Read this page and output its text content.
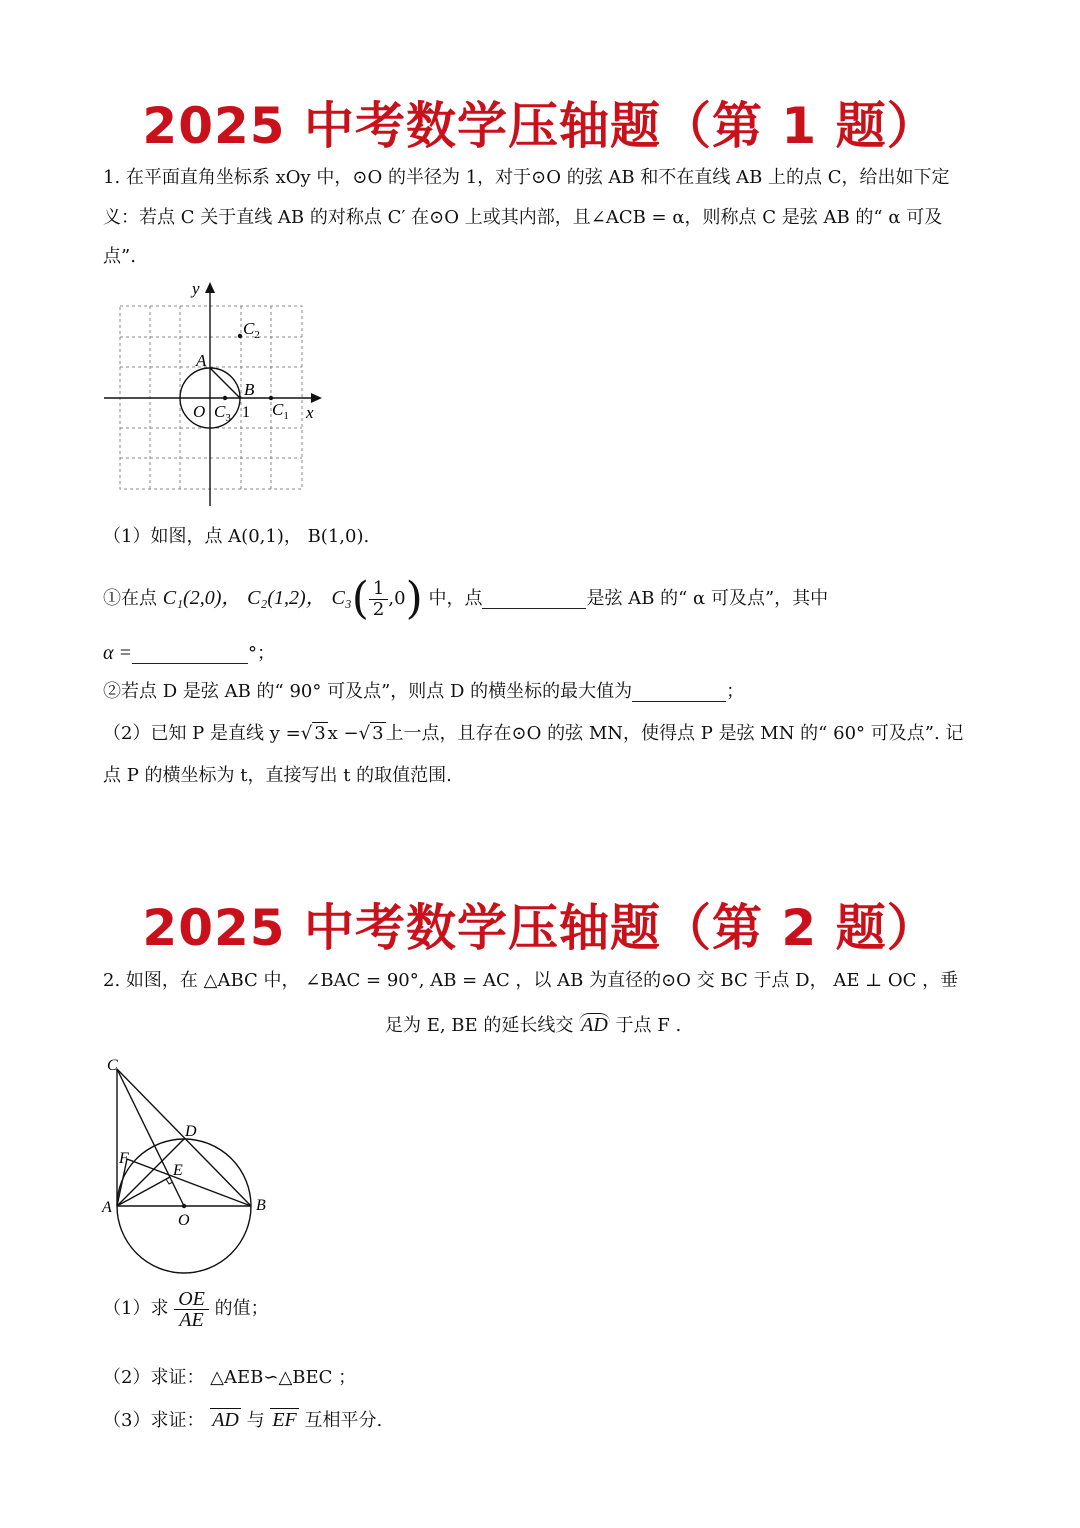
2025 中考数学压轴题（第 1 题）
1. 在平面直角坐标系 xOy 中，⊙O 的半径为 1，对于⊙O 的弦 AB 和不在直线 AB 上的点 C，给出如下定
义：若点 C 关于直线 AB 的对称点 C′ 在⊙O 上或其内部，且∠ACB = α，则称点 C 是弦 AB 的“ α 可及
点”.
y
x
A
B
O 1 $C_1$
$C_2$
$C_3$
（1）如图，点 A(0,1)， B(1,0).
①在点 C₁(2,0)， C₂(1,2)， $C_3( \frac{1}{2} ,0)$ 中，点	是弦 AB 的“ α 可及点”，其中
α =	°；
②若点 D 是弦 AB 的“ 90° 可及点”，则点 D 的横坐标的最大值为	；
（2）已知 P 是直线 y =√ 3 x −√ 3 上一点，且存在⊙O 的弦 MN，使得点 P 是弦 MN 的“ 60° 可及点”. 记
点 P 的横坐标为 t，直接写出 t 的取值范围.
2025 中考数学压轴题（第 2 题）
2. 如图，在 △ABC 中， ∠BAC = 90°, AB = AC ，以 AB 为直径的⊙O 交 BC 于点 D， AE ⊥ OC ，垂
足为 E, BE 的延长线交 AD 于点 F .
C
D
F
E
A
O
B
（1）求 $\frac{OE}{AE}$ 的值；
（2）求证： △AEB∽△BEC ；
（3）求证： AD 与 EF 互相平分.
